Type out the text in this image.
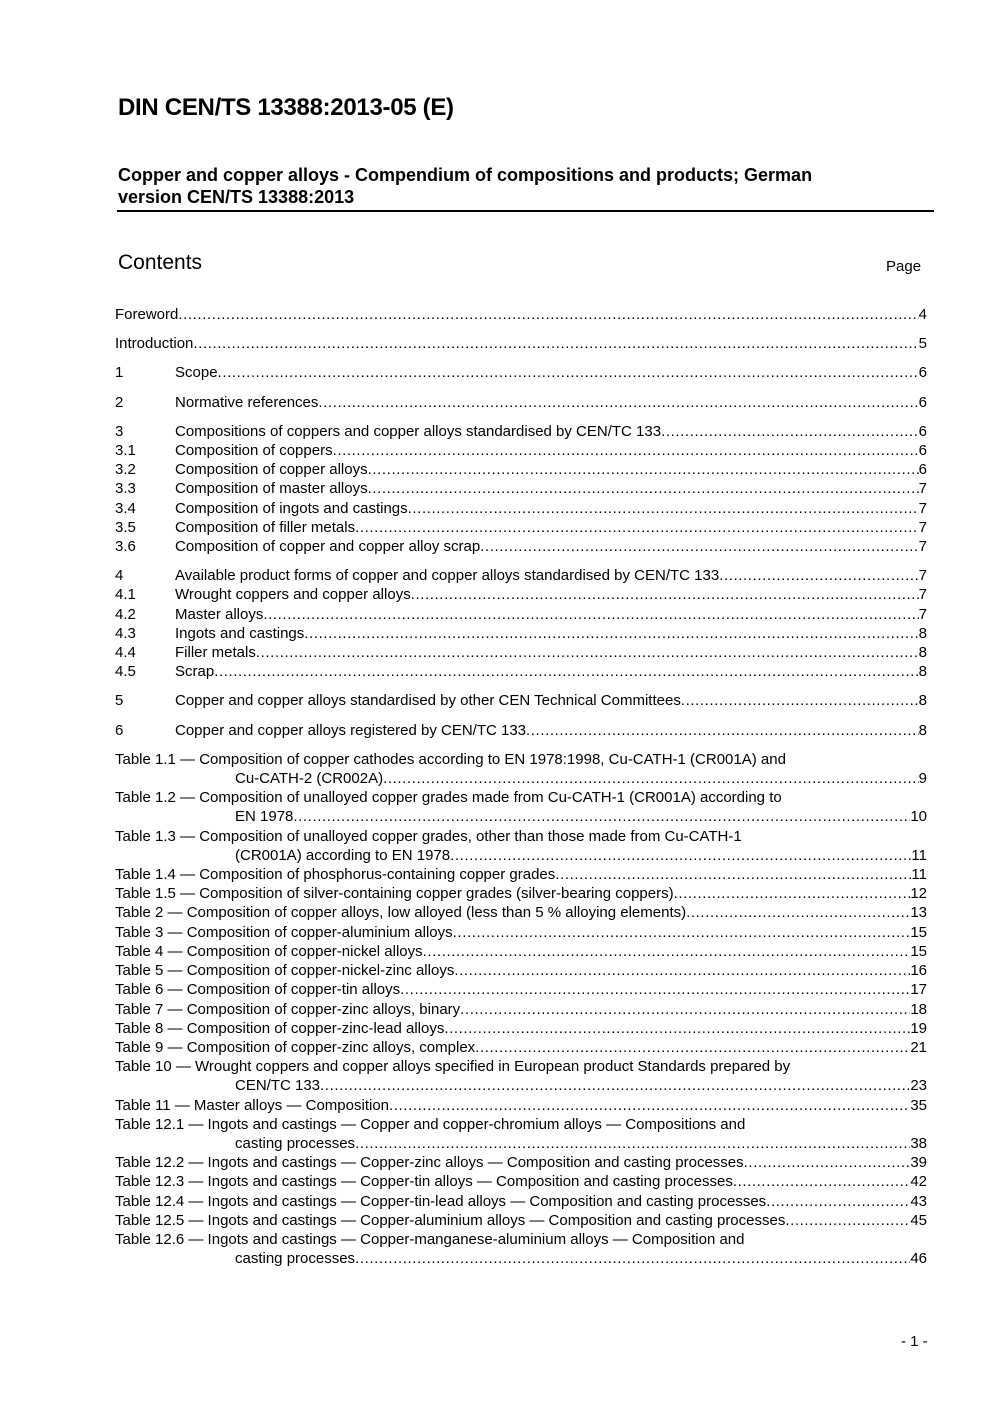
DIN CEN/TS 13388:2013-05 (E)
Copper and copper alloys - Compendium of compositions and products; German
version CEN/TS 13388:2013
Contents	Page
Foreword .....	4
Introduction .....	5
1	Scope .....	6
2	Normative references .....	6
3	Compositions of coppers and copper alloys standardised by CEN/TC 133 .....	6
3.1	Composition of coppers .....	6
3.2	Composition of copper alloys .....	6
3.3	Composition of master alloys .....	7
3.4	Composition of ingots and castings .....	7
3.5	Composition of filler metals .....	7
3.6	Composition of copper and copper alloy scrap .....	7
4	Available product forms of copper and copper alloys standardised by CEN/TC 133 .....	7
4.1	Wrought coppers and copper alloys .....	7
4.2	Master alloys .....	7
4.3	Ingots and castings .....	8
4.4	Filler metals .....	8
4.5	Scrap .....	8
5	Copper and copper alloys standardised by other CEN Technical Committees .....	8
6	Copper and copper alloys registered by CEN/TC 133 .....	8
Table 1.1 — Composition of copper cathodes according to EN 1978:1998, Cu-CATH-1 (CR001A) and
Cu-CATH-2 (CR002A) .....	9
Table 1.2 — Composition of unalloyed copper grades made from Cu-CATH-1 (CR001A) according to
EN 1978 .....	10
Table 1.3 — Composition of unalloyed copper grades, other than those made from Cu-CATH-1
(CR001A) according to EN 1978 .....	11
Table 1.4 — Composition of phosphorus-containing copper grades .....	11
Table 1.5 — Composition of silver-containing copper grades (silver-bearing coppers) .....	12
Table 2 — Composition of copper alloys, low alloyed (less than 5 % alloying elements) .....	13
Table 3 — Composition of copper-aluminium alloys .....	15
Table 4 — Composition of copper-nickel alloys .....	15
Table 5 — Composition of copper-nickel-zinc alloys .....	16
Table 6 — Composition of copper-tin alloys .....	17
Table 7 — Composition of copper-zinc alloys, binary .....	18
Table 8 — Composition of copper-zinc-lead alloys .....	19
Table 9 — Composition of copper-zinc alloys, complex .....	21
Table 10 — Wrought coppers and copper alloys specified in European product Standards prepared by
CEN/TC 133 .....	23
Table 11 — Master alloys — Composition .....	35
Table 12.1 — Ingots and castings — Copper and copper-chromium alloys — Compositions and
casting processes .....	38
Table 12.2 — Ingots and castings — Copper-zinc alloys — Composition and casting processes .....	39
Table 12.3 — Ingots and castings — Copper-tin alloys — Composition and casting processes .....	42
Table 12.4 — Ingots and castings — Copper-tin-lead alloys — Composition and casting processes .....	43
Table 12.5 — Ingots and castings — Copper-aluminium alloys — Composition and casting processes .....	45
Table 12.6 — Ingots and castings — Copper-manganese-aluminium alloys — Composition and
casting processes .....	46
- 1 -
